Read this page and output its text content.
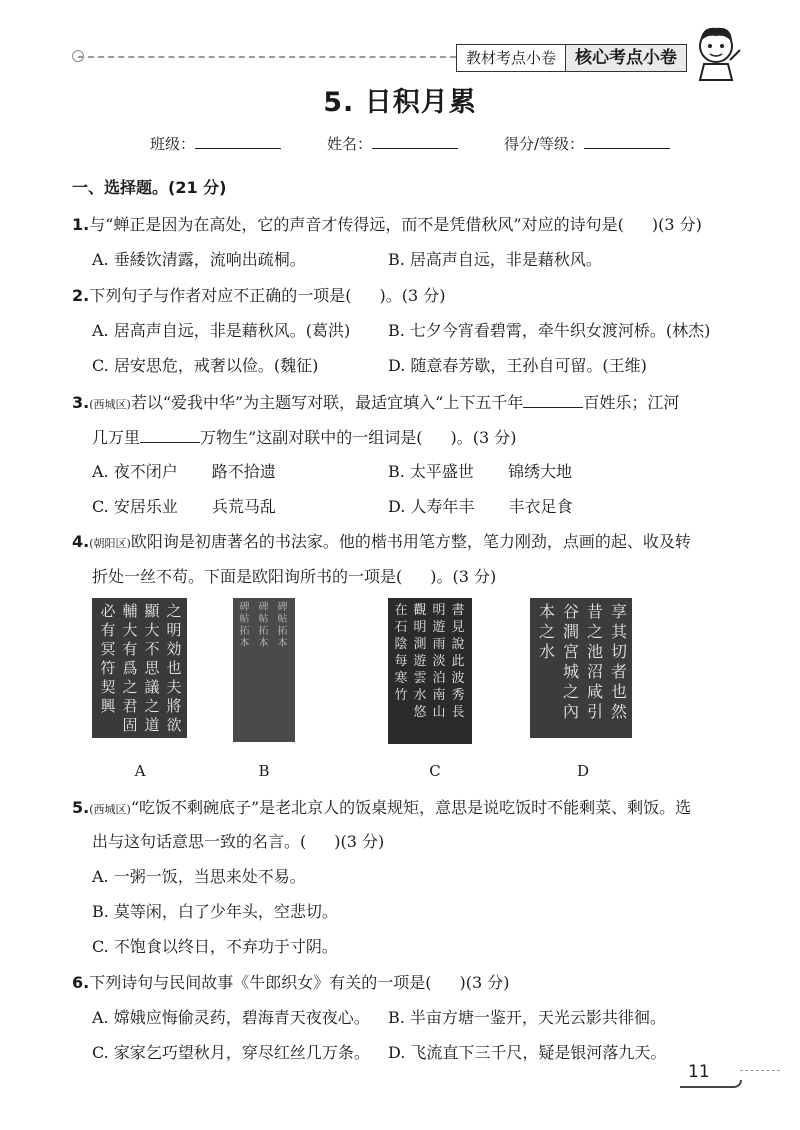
教材考点小卷	核心考点小卷
5. 日积月累
班级：	姓名：	得分/等级：
一、选择题。(21 分)
1.与“蝉正是因为在高处，它的声音才传得远，而不是凭借秋风”对应的诗句是( )(3 分)
A. 垂緌饮清露，流响出疏桐。	B. 居高声自远，非是藉秋风。
2.下列句子与作者对应不正确的一项是( )。(3 分)
A. 居高声自远，非是藉秋风。(葛洪) B. 七夕今宵看碧霄，牵牛织女渡河桥。(林杰)
C. 居安思危，戒奢以俭。(魏征)	D. 随意春芳歇，王孙自可留。(王维)
3.(西城区)若以“爱我中华”为主题写对联，最适宜填入“上下五千年	百姓乐；江河
几万里	万物生”这副对联中的一组词是( )。(3 分)
A. 夜不闭户 路不拾遗	B. 太平盛世 锦绣大地
C. 安居乐业 兵荒马乱	D. 人寿年丰 丰衣足食
4.(朝阳区)欧阳询是初唐著名的书法家。他的楷书用笔方整，笔力刚劲，点画的起、收及转
折处一丝不苟。下面是欧阳询所书的一项是( )。(3 分)
之明効也夫將欲
顯大不思議之道
輔大有爲之君固
必有冥符契興
碑帖拓本
碑帖拓本
碑帖拓本
書見說此波秀長
明遊雨淡泊南山
觀明測遊雲水悠
在石陰每寒竹
享其切者也然
昔之池沼咸引
谷澗宮城之內
本之水
A	B	C	D
5.(西城区)“吃饭不剩碗底子”是老北京人的饭桌规矩，意思是说吃饭时不能剩菜、剩饭。选
出与这句话意思一致的名言。( )(3 分)
A. 一粥一饭，当思来处不易。
B. 莫等闲，白了少年头，空悲切。
C. 不饱食以终日，不弃功于寸阴。
6.下列诗句与民间故事《牛郎织女》有关的一项是( )(3 分)
A. 嫦娥应悔偷灵药，碧海青天夜夜心。 B. 半亩方塘一鉴开，天光云影共徘徊。
C. 家家乞巧望秋月，穿尽红丝几万条。 D. 飞流直下三千尺，疑是银河落九天。
11
